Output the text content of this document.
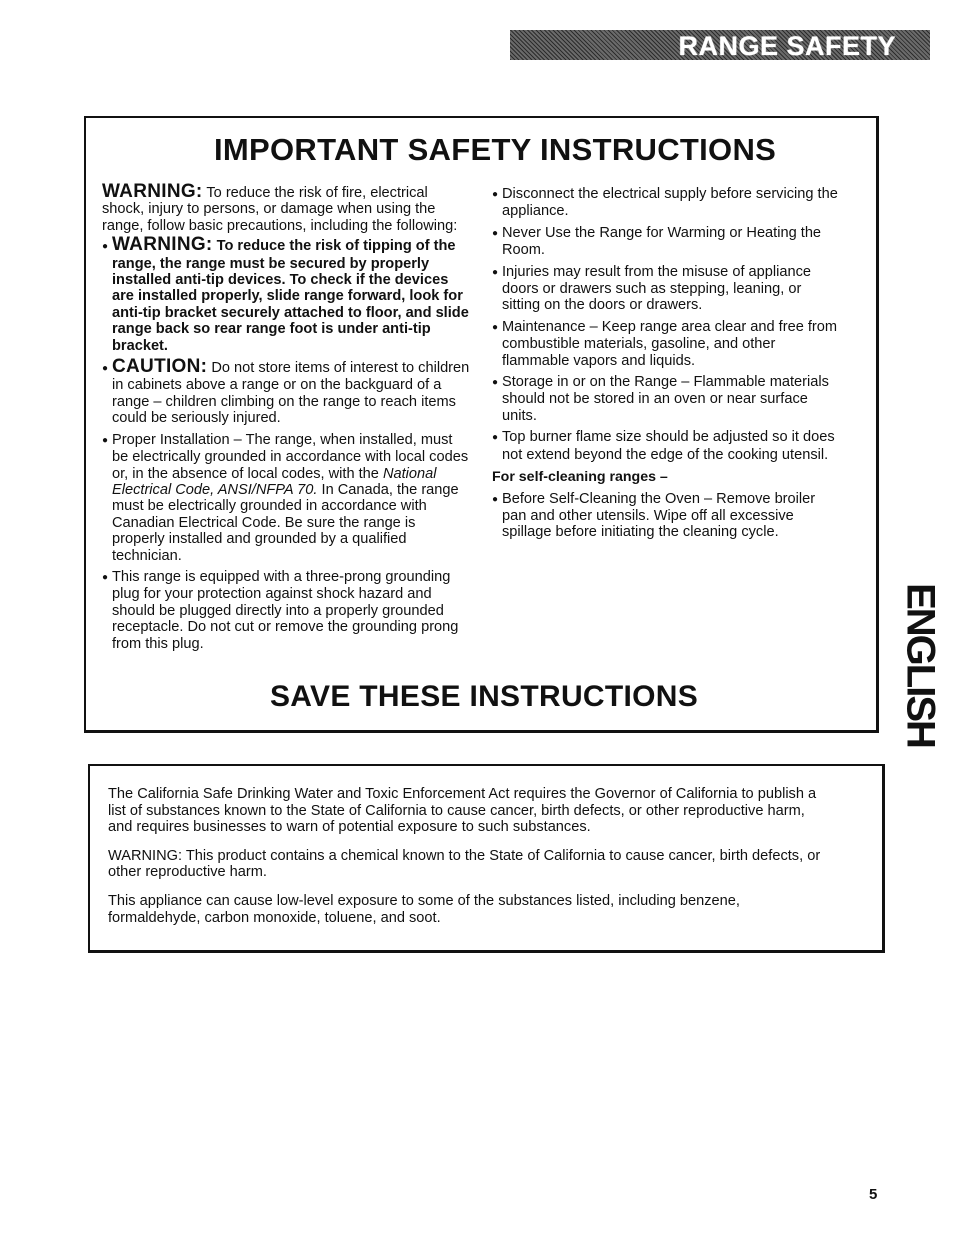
RANGE SAFETY
ENGLISH
IMPORTANT SAFETY INSTRUCTIONS

WARNING: To reduce the risk of fire, electrical shock, injury to persons, or damage when using the range, follow basic precautions, including the following:

● WARNING: To reduce the risk of tipping of the range, the range must be secured by properly installed anti-tip devices. To check if the devices are installed properly, slide range forward, look for anti-tip bracket securely attached to floor, and slide range back so rear range foot is under anti-tip bracket.

● CAUTION: Do not store items of interest to children in cabinets above a range or on the backguard of a range – children climbing on the range to reach items could be seriously injured.

● Proper Installation – The range, when installed, must be electrically grounded in accordance with local codes or, in the absence of local codes, with the National Electrical Code, ANSI/NFPA 70. In Canada, the range must be electrically grounded in accordance with Canadian Electrical Code. Be sure the range is properly installed and grounded by a qualified technician.

● This range is equipped with a three-prong grounding plug for your protection against shock hazard and should be plugged directly into a properly grounded receptacle. Do not cut or remove the grounding prong from this plug.

● Disconnect the electrical supply before servicing the appliance.

● Never Use the Range for Warming or Heating the Room.

● Injuries may result from the misuse of appliance doors or drawers such as stepping, leaning, or sitting on the doors or drawers.

● Maintenance – Keep range area clear and free from combustible materials, gasoline, and other flammable vapors and liquids.

● Storage in or on the Range – Flammable materials should not be stored in an oven or near surface units.

● Top burner flame size should be adjusted so it does not extend beyond the edge of the cooking utensil.

For self-cleaning ranges –

● Before Self-Cleaning the Oven – Remove broiler pan and other utensils. Wipe off all excessive spillage before initiating the cleaning cycle.

SAVE THESE INSTRUCTIONS

The California Safe Drinking Water and Toxic Enforcement Act requires the Governor of California to publish a list of substances known to the State of California to cause cancer, birth defects, or other reproductive harm, and requires businesses to warn of potential exposure to such substances.

WARNING: This product contains a chemical known to the State of California to cause cancer, birth defects, or other reproductive harm.

This appliance can cause low-level exposure to some of the substances listed, including benzene, formaldehyde, carbon monoxide, toluene, and soot.

5
